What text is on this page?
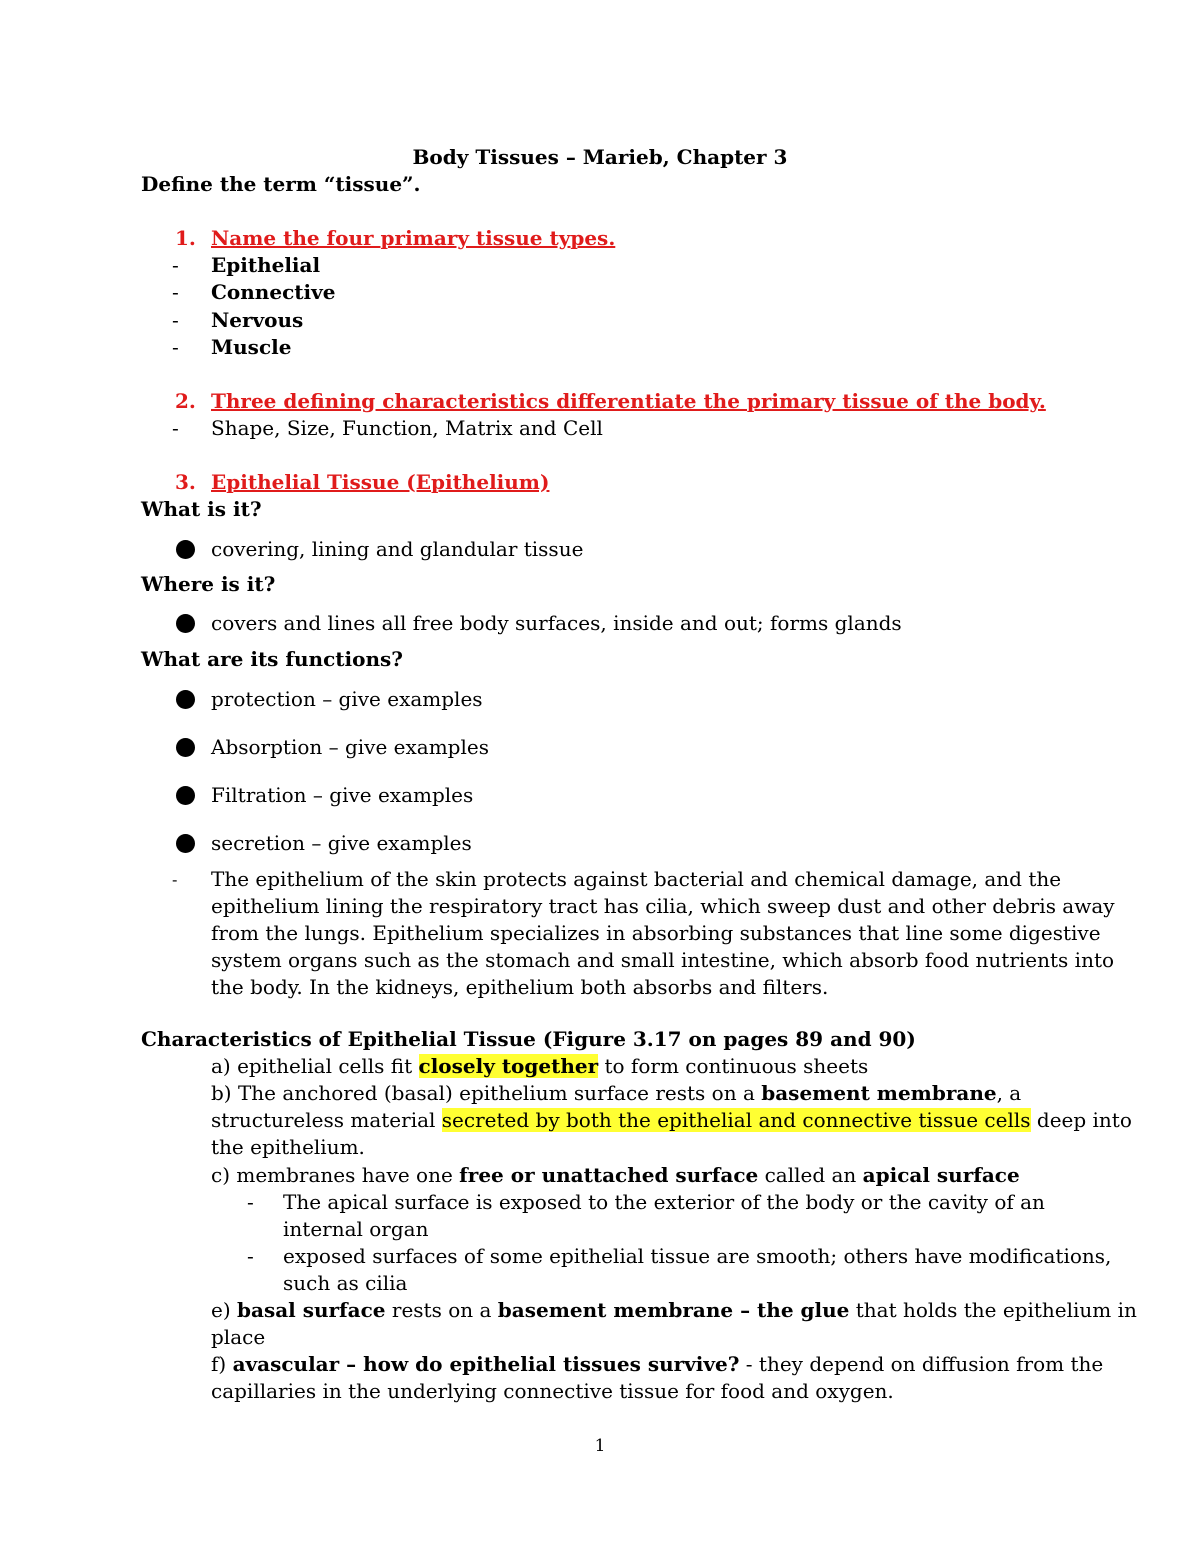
Body Tissues – Marieb, Chapter 3
Define the term “tissue”.
1. Name the four primary tissue types.
- Epithelial
- Connective
- Nervous
- Muscle
2. Three defining characteristics differentiate the primary tissue of the body.
- Shape, Size, Function, Matrix and Cell
3. Epithelial Tissue (Epithelium)
What is it?
covering, lining and glandular tissue
Where is it?
covers and lines all free body surfaces, inside and out; forms glands
What are its functions?
protection – give examples
Absorption – give examples
Filtration – give examples
secretion – give examples
- The epithelium of the skin protects against bacterial and chemical damage, and the
epithelium lining the respiratory tract has cilia, which sweep dust and other debris away
from the lungs. Epithelium specializes in absorbing substances that line some digestive
system organs such as the stomach and small intestine, which absorb food nutrients into
the body. In the kidneys, epithelium both absorbs and filters.
Characteristics of Epithelial Tissue (Figure 3.17 on pages 89 and 90)
a) epithelial cells fit closely together to form continuous sheets
b) The anchored (basal) epithelium surface rests on a basement membrane, a
structureless material secreted by both the epithelial and connective tissue cells deep into
the epithelium.
c) membranes have one free or unattached surface called an apical surface
- The apical surface is exposed to the exterior of the body or the cavity of an
internal organ
- exposed surfaces of some epithelial tissue are smooth; others have modifications,
such as cilia
e) basal surface rests on a basement membrane – the glue that holds the epithelium in
place
f) avascular – how do epithelial tissues survive? - they depend on diffusion from the
capillaries in the underlying connective tissue for food and oxygen.
1
